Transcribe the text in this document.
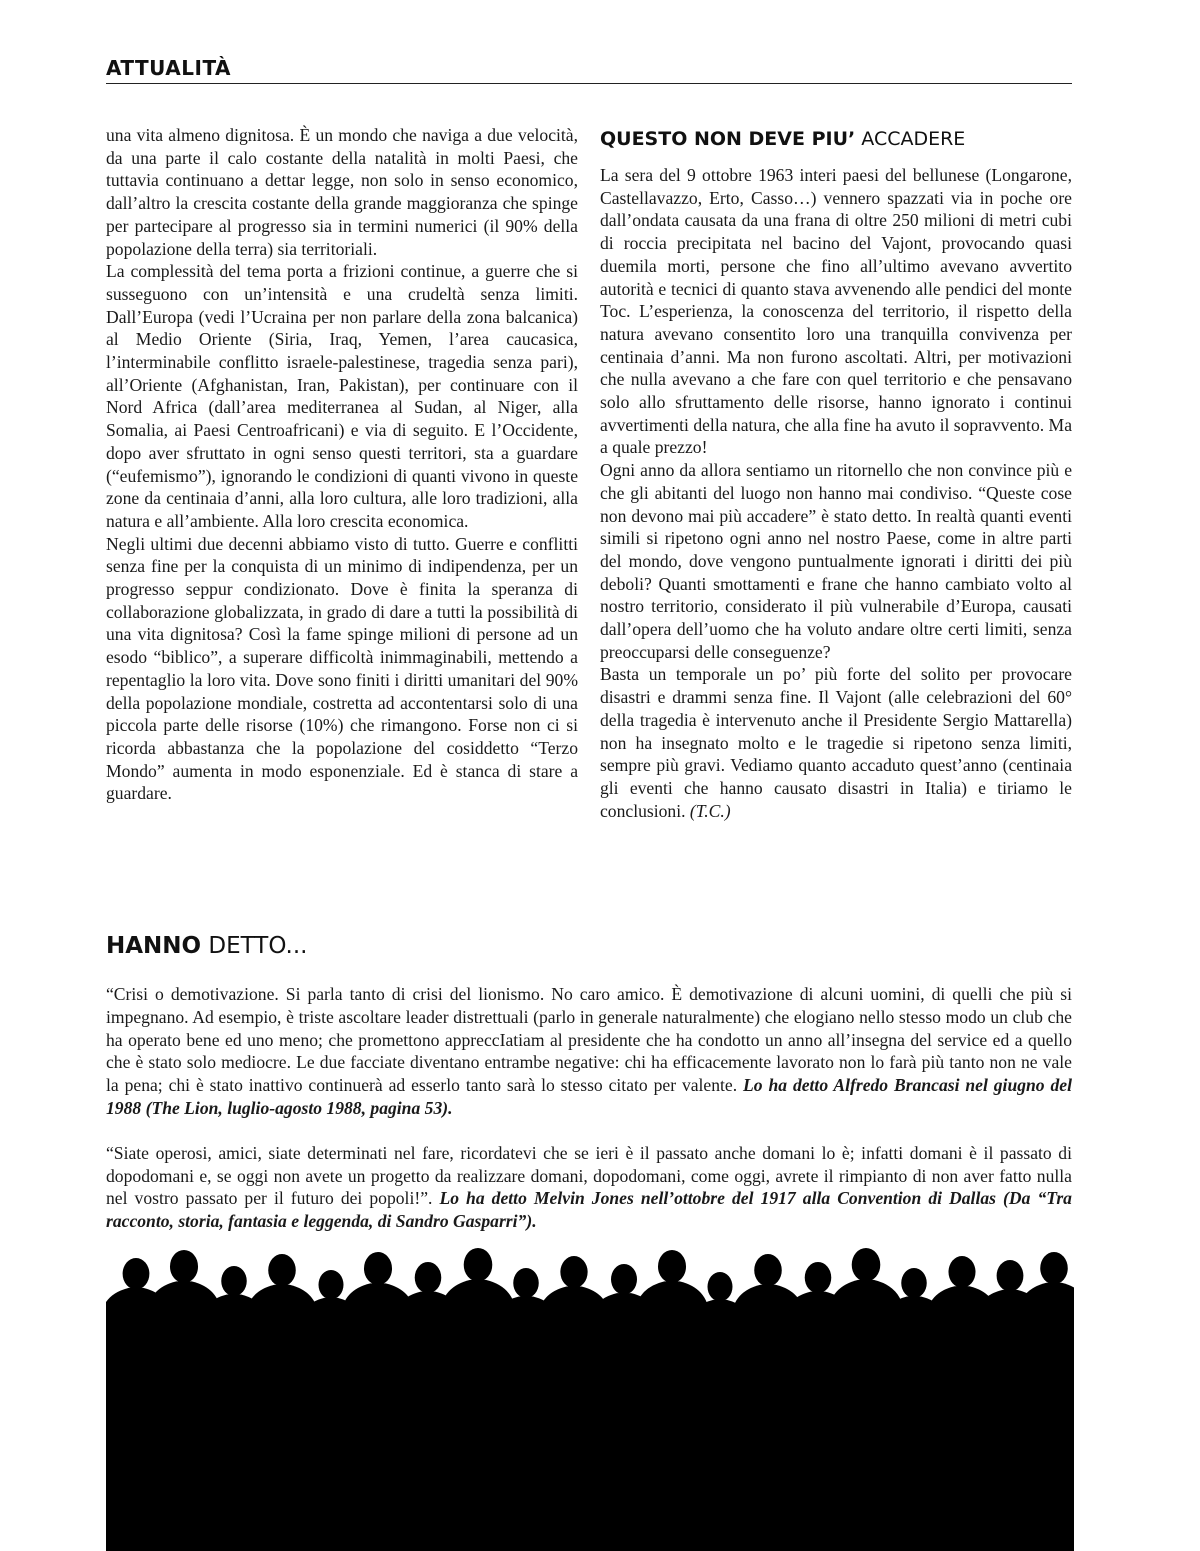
ATTUALITÀ

una vita almeno dignitosa. È un mondo che naviga a due velocità, da una parte il calo costante della natalità in molti Paesi, che tuttavia continuano a dettar legge, non solo in senso economico, dall’altro la crescita costante della grande maggioranza che spinge per partecipare al progresso sia in termini numerici (il 90% della popolazione della terra) sia territoriali.

La complessità del tema porta a frizioni continue, a guerre che si susseguono con un’intensità e una crudeltà senza limiti. Dall’Europa (vedi l’Ucraina per non parlare della zona balcanica) al Medio Oriente (Siria, Iraq, Yemen, l’area caucasica, l’interminabile conflitto israele-palestinese, tragedia senza pari), all’Oriente (Afghanistan, Iran, Pakistan), per continuare con il Nord Africa (dall’area mediterranea al Sudan, al Niger, alla Somalia, ai Paesi Centroafricani) e via di seguito. E l’Occidente, dopo aver sfruttato in ogni senso questi territori, sta a guardare (“eufemismo”), ignorando le condizioni di quanti vivono in queste zone da centinaia d’anni, alla loro cultura, alle loro tradizioni, alla natura e all’ambiente. Alla loro crescita economica.

Negli ultimi due decenni abbiamo visto di tutto. Guerre e conflitti senza fine per la conquista di un minimo di indipendenza, per un progresso seppur condizionato. Dove è finita la speranza di collaborazione globalizzata, in grado di dare a tutti la possibilità di una vita dignitosa? Così la fame spinge milioni di persone ad un esodo “biblico”, a superare difficoltà inimmaginabili, mettendo a repentaglio la loro vita. Dove sono finiti i diritti umanitari del 90% della popolazione mondiale, costretta ad accontentarsi solo di una piccola parte delle risorse (10%) che rimangono. Forse non ci si ricorda abbastanza che la popolazione del cosiddetto “Terzo Mondo” aumenta in modo esponenziale. Ed è stanca di stare a guardare.

QUESTO NON DEVE PIU’ ACCADERE

La sera del 9 ottobre 1963 interi paesi del bellunese (Longarone, Castellavazzo, Erto, Casso…) vennero spazzati via in poche ore dall’ondata causata da una frana di oltre 250 milioni di metri cubi di roccia precipitata nel bacino del Vajont, provocando quasi duemila morti, persone che fino all’ultimo avevano avvertito autorità e tecnici di quanto stava avvenendo alle pendici del monte Toc. L’esperienza, la conoscenza del territorio, il rispetto della natura avevano consentito loro una tranquilla convivenza per centinaia d’anni. Ma non furono ascoltati. Altri, per motivazioni che nulla avevano a che fare con quel territorio e che pensavano solo allo sfruttamento delle risorse, hanno ignorato i continui avvertimenti della natura, che alla fine ha avuto il sopravvento. Ma a quale prezzo!

Ogni anno da allora sentiamo un ritornello che non convince più e che gli abitanti del luogo non hanno mai condiviso. “Queste cose non devono mai più accadere” è stato detto. In realtà quanti eventi simili si ripetono ogni anno nel nostro Paese, come in altre parti del mondo, dove vengono puntualmente ignorati i diritti dei più deboli? Quanti smottamenti e frane che hanno cambiato volto al nostro territorio, considerato il più vulnerabile d’Europa, causati dall’opera dell’uomo che ha voluto andare oltre certi limiti, senza preoccuparsi delle conseguenze?

Basta un temporale un po’ più forte del solito per provocare disastri e drammi senza fine. Il Vajont (alle celebrazioni del 60° della tragedia è intervenuto anche il Presidente Sergio Mattarella) non ha insegnato molto e le tragedie si ripetono senza limiti, sempre più gravi. Vediamo quanto accaduto quest’anno (centinaia gli eventi che hanno causato disastri in Italia) e tiriamo le conclusioni. (T.C.)

HANNO DETTO...

“Crisi o demotivazione. Si parla tanto di crisi del lionismo. No caro amico. È demotivazione di alcuni uomini, di quelli che più si impegnano. Ad esempio, è triste ascoltare leader distrettuali (parlo in generale naturalmente) che elogiano nello stesso modo un club che ha operato bene ed uno meno; che promettono appreccIatiam al presidente che ha condotto un anno all’insegna del service ed a quello che è stato solo mediocre. Le due facciate diventano entrambe negative: chi ha efficacemente lavorato non lo farà più tanto non ne vale la pena; chi è stato inattivo continuerà ad esserlo tanto sarà lo stesso citato per valente. Lo ha detto Alfredo Brancasi nel giugno del 1988 (The Lion, luglio-agosto 1988, pagina 53).

“Siate operosi, amici, siate determinati nel fare, ricordatevi che se ieri è il passato anche domani lo è; infatti domani è il passato di dopodomani e, se oggi non avete un progetto da realizzare domani, dopodomani, come oggi, avrete il rimpianto di non aver fatto nulla nel vostro passato per il futuro dei popoli!”. Lo ha detto Melvin Jones nell’ottobre del 1917 alla Convention di Dallas (Da “Tra racconto, storia, fantasia e leggenda, di Sandro Gasparri”).
